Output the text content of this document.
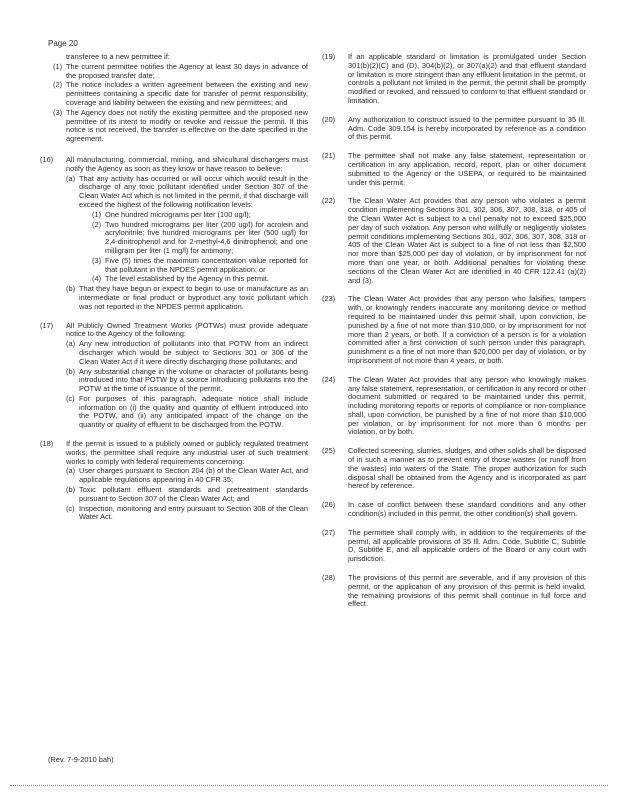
Page 20
transferee to a new permittee if:
(1) The current permittee notifies the Agency at least 30 days in advance of the proposed transfer date;
(2) The notice includes a written agreement between the existing and new permittees containing a specific date for transfer of permit responsibility, coverage and liability between the existing and new permittees; and
(3) The Agency does not notify the existing permittee and the proposed new permittee of its intent to modify or revoke and reissue the permit. If this notice is not received, the transfer is effective on the date specified in the agreement.
(16)	All manufacturing, commercial, mining, and silvicultural dischargers must notify the Agency as soon as they know or have reason to believe:
(a) That any activity has occurred or will occur which would result in the discharge of any toxic pollutant identified under Section 307 of the Clean Water Act which is not limited in the permit, if that discharge will exceed the highest of the following notification levels:
(1) One hundred micrograms per liter (100 ug/l);
(2) Two hundred micrograms per liter (200 ug/l) for acrolein and acrylonitrile; five hundred micrograms per liter (500 ug/l) for 2,4-dinitrophenol and for 2-methyl-4,6 dinitrophenol; and one milligram per liter (1 mg/l) for antimony;
(3) Five (5) times the maximum concentration value reported for that pollutant in the NPDES permit application; or
(4) The level established by the Agency in this permit.
(b) That they have begun or expect to begin to use or manufacture as an intermediate or final product or byproduct any toxic pollutant which was not reported in the NPDES permit application.
(17)	All Publicly Owned Treatment Works (POTWs) must provide adequate notice to the Agency of the following:
(a) Any new introduction of pollutants into that POTW from an indirect discharger which would be subject to Sections 301 or 306 of the Clean Water Act if it were directly discharging those pollutants; and
(b) Any substantial change in the volume or character of pollutants being introduced into that POTW by a source introducing pollutants into the POTW at the time of issuance of the permit.
(c) For purposes of this paragraph, adequate notice shall include information on (i) the quality and quantity of effluent introduced into the POTW, and (ii) any anticipated impact of the change on the quantity or quality of effluent to be discharged from the POTW.
(18)	If the permit is issued to a publicly owned or publicly regulated treatment works, the permittee shall require any industrial user of such treatment works to comply with federal requirements concerning:
(a) User charges pursuant to Section 204 (b) of the Clean Water Act, and applicable regulations appearing in 40 CFR 35;
(b) Toxic pollutant effluent standards and pretreatment standards pursuant to Section 307 of the Clean Water Act; and
(c) Inspection, monitoring and entry pursuant to Section 308 of the Clean Water Act.
(Rev. 7-9-2010 bah)
(19)	If an applicable standard or limitation is promulgated under Section 301(b)(2)(C) and (D), 304(b)(2), or 307(a)(2) and that effluent standard or limitation is more stringent than any effluent limitation in the permit, or controls a pollutant not limited in the permit, the permit shall be promptly modified or revoked, and reissued to conform to that effluent standard or limitation.
(20)	Any authorization to construct issued to the permittee pursuant to 35 Ill. Adm. Code 309.154 is hereby incorporated by reference as a condition of this permit.
(21)	The permittee shall not make any false statement, representation or certification in any application, record, report, plan or other document submitted to the Agency or the USEPA, or required to be maintained under this permit.
(22)	The Clean Water Act provides that any person who violates a permit condition implementing Sections 301, 302, 306, 307, 308, 318, or 405 of the Clean Water Act is subject to a civil penalty not to exceed $25,000 per day of such violation. Any person who willfully or negligently violates permit conditions implementing Sections 301, 302, 306, 307, 308, 318 or 405 of the Clean Water Act is subject to a fine of not less than $2,500 nor more than $25,000 per day of violation, or by imprisonment for not more than one year, or both. Additional penalties for violating these sections of the Clean Water Act are identified in 40 CFR 122.41 (a)(2) and (3).
(23)	The Clean Water Act provides that any person who falsifies, tampers with, or knowingly renders inaccurate any monitoring device or method required to be maintained under this permit shall, upon conviction, be punished by a fine of not more than $10,000, or by imprisonment for not more than 2 years, or both. If a conviction of a person is for a violation committed after a first conviction of such person under this paragraph, punishment is a fine of not more than $20,000 per day of violation, or by imprisonment of not more than 4 years, or both.
(24)	The Clean Water Act provides that any person who knowingly makes any false statement, representation, or certification in any record or other document submitted or required to be maintained under this permit, including monitoring reports or reports of compliance or non-compliance shall, upon conviction, be punished by a fine of not more than $10,000 per violation, or by imprisonment for not more than 6 months per violation, or by both.
(25)	Collected screening, slurries, sludges, and other solids shall be disposed of in such a manner as to prevent entry of those wastes (or runoff from the wastes) into waters of the State. The proper authorization for such disposal shall be obtained from the Agency and is incorporated as part hereof by reference.
(26)	In case of conflict between these standard conditions and any other condition(s) included in this permit, the other condition(s) shall govern.
(27)	The permittee shall comply with, in addition to the requirements of the permit, all applicable provisions of 35 Ill. Adm. Code, Subtitle C, Subtitle D, Subtitle E, and all applicable orders of the Board or any court with jurisdiction.
(28)	The provisions of this permit are severable, and if any provision of this permit, or the application of any provision of this permit is held invalid, the remaining provisions of this permit shall continue in full force and effect.
